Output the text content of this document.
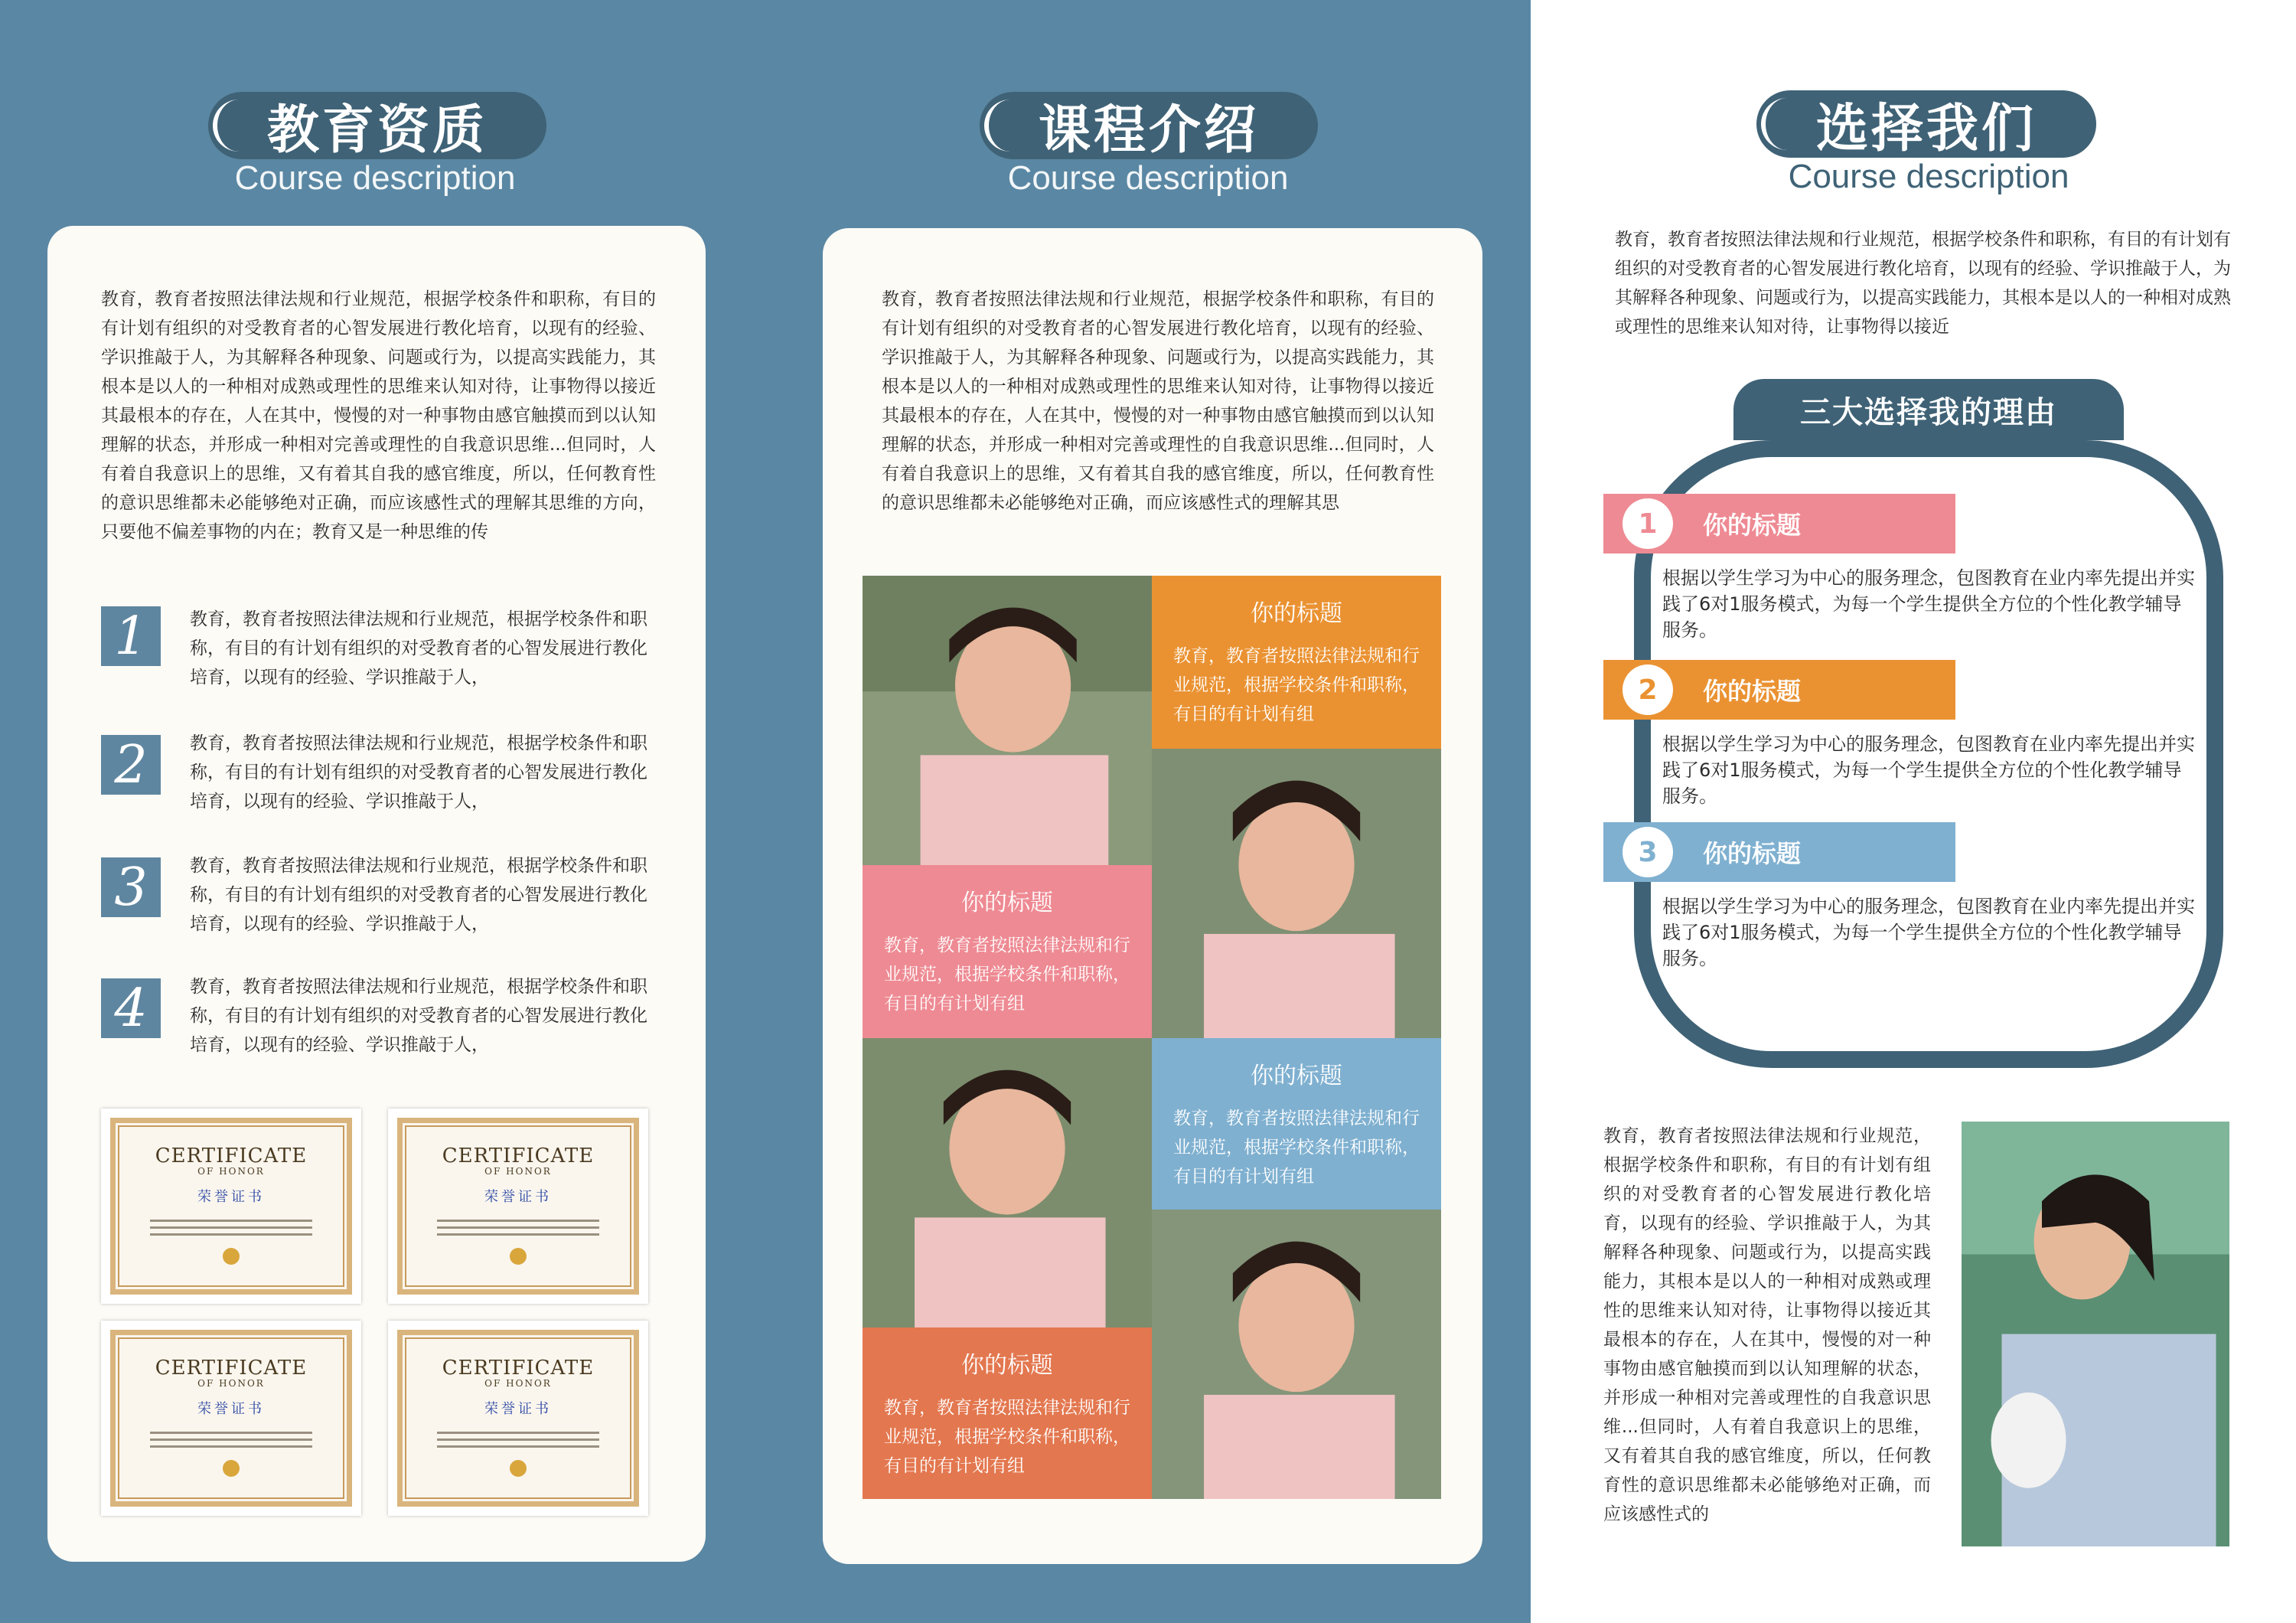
教育资质
Course description
教育，教育者按照法律法规和行业规范，根据学校条件和职称，有目的有计划有组织的对受教育者的心智发展进行教化培育，以现有的经验、学识推敲于人，为其解释各种现象、问题或行为，以提高实践能力，其根本是以人的一种相对成熟或理性的思维来认知对待，让事物得以接近其最根本的存在，人在其中，慢慢的对一种事物由感官触摸而到以认知理解的状态，并形成一种相对完善或理性的自我意识思维...但同时，人有着自我意识上的思维，又有着其自我的感官维度，所以，任何教育性的意识思维都未必能够绝对正确，而应该感性式的理解其思维的方向，只要他不偏差事物的内在；教育又是一种思维的传
1 教育，教育者按照法律法规和行业规范，根据学校条件和职称，有目的有计划有组织的对受教育者的心智发展进行教化培育，以现有的经验、学识推敲于人，
2 教育，教育者按照法律法规和行业规范，根据学校条件和职称，有目的有计划有组织的对受教育者的心智发展进行教化培育，以现有的经验、学识推敲于人，
3 教育，教育者按照法律法规和行业规范，根据学校条件和职称，有目的有计划有组织的对受教育者的心智发展进行教化培育，以现有的经验、学识推敲于人，
4 教育，教育者按照法律法规和行业规范，根据学校条件和职称，有目的有计划有组织的对受教育者的心智发展进行教化培育，以现有的经验、学识推敲于人，
CERTIFICATE
OF HONOR
荣誉证书
CERTIFICATE
OF HONOR
荣誉证书
CERTIFICATE
OF HONOR
荣誉证书
CERTIFICATE
OF HONOR
荣誉证书
课程介绍
Course description
教育，教育者按照法律法规和行业规范，根据学校条件和职称，有目的有计划有组织的对受教育者的心智发展进行教化培育，以现有的经验、学识推敲于人，为其解释各种现象、问题或行为，以提高实践能力，其根本是以人的一种相对成熟或理性的思维来认知对待，让事物得以接近其最根本的存在，人在其中，慢慢的对一种事物由感官触摸而到以认知理解的状态，并形成一种相对完善或理性的自我意识思维...但同时，人有着自我意识上的思维，又有着其自我的感官维度，所以，任何教育性的意识思维都未必能够绝对正确，而应该感性式的理解其思
你的标题
教育，教育者按照法律法规和行业规范，根据学校条件和职称，有目的有计划有组
你的标题
教育，教育者按照法律法规和行业规范，根据学校条件和职称，有目的有计划有组
你的标题
教育，教育者按照法律法规和行业规范，根据学校条件和职称，有目的有计划有组
你的标题
教育，教育者按照法律法规和行业规范，根据学校条件和职称，有目的有计划有组
选择我们
Course description
教育，教育者按照法律法规和行业规范，根据学校条件和职称，有目的有计划有组织的对受教育者的心智发展进行教化培育，以现有的经验、学识推敲于人，为其解释各种现象、问题或行为，以提高实践能力，其根本是以人的一种相对成熟或理性的思维来认知对待，让事物得以接近
三大选择我的理由
你的标题
1
根据以学生学习为中心的服务理念，包图教育在业内率先提出并实践了6对1服务模式，为每一个学生提供全方位的个性化教学辅导服务。
你的标题
2
根据以学生学习为中心的服务理念，包图教育在业内率先提出并实践了6对1服务模式，为每一个学生提供全方位的个性化教学辅导服务。
你的标题
3
根据以学生学习为中心的服务理念，包图教育在业内率先提出并实践了6对1服务模式，为每一个学生提供全方位的个性化教学辅导服务。
教育，教育者按照法律法规和行业规范，根据学校条件和职称，有目的有计划有组织的对受教育者的心智发展进行教化培育，以现有的经验、学识推敲于人，为其解释各种现象、问题或行为，以提高实践能力，其根本是以人的一种相对成熟或理性的思维来认知对待，让事物得以接近其最根本的存在，人在其中，慢慢的对一种事物由感官触摸而到以认知理解的状态，并形成一种相对完善或理性的自我意识思维...但同时，人有着自我意识上的思维，又有着其自我的感官维度，所以，任何教育性的意识思维都未必能够绝对正确，而应该感性式的
